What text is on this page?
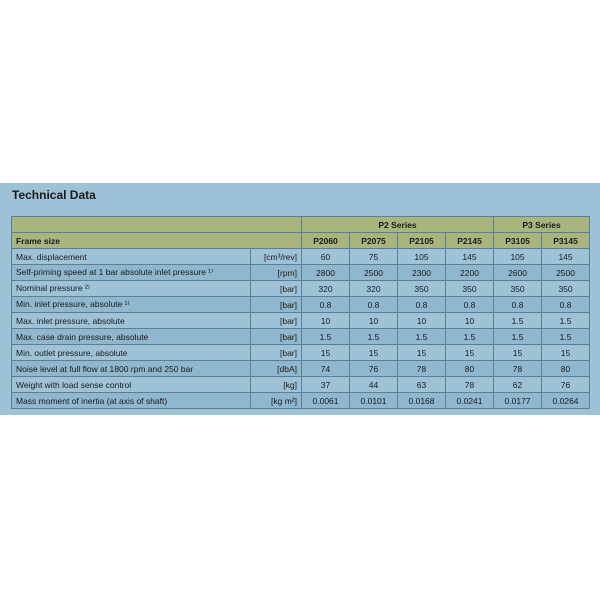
Technical Data
		P2 Series				P3 Series	
Frame size		P2060	P2075	P2105	P2145	P3105	P3145
Max. displacement	[cm³/rev]	60	75	105	145	105	145
Self-priming speed at 1 bar absolute inlet pressure ¹⁾	[rpm]	2800	2500	2300	2200	2600	2500
Nominal pressure ²⁾	[bar]	320	320	350	350	350	350
Min. inlet pressure, absolute ¹⁾	[bar]	0.8	0.8	0.8	0.8	0.8	0.8
Max. inlet pressure, absolute	[bar]	10	10	10	10	1.5	1.5
Max. case drain pressure, absolute	[bar]	1.5	1.5	1.5	1.5	1.5	1.5
Min. outlet pressure, absolute	[bar]	15	15	15	15	15	15
Noise level at full flow at 1800 rpm and 250 bar	[dbA]	74	76	78	80	78	80
Weight with load sense control	[kg]	37	44	63	78	62	76
Mass moment of inertia (at axis of shaft)	[kg m²]	0.0061	0.0101	0.0168	0.0241	0.0177	0.0264
